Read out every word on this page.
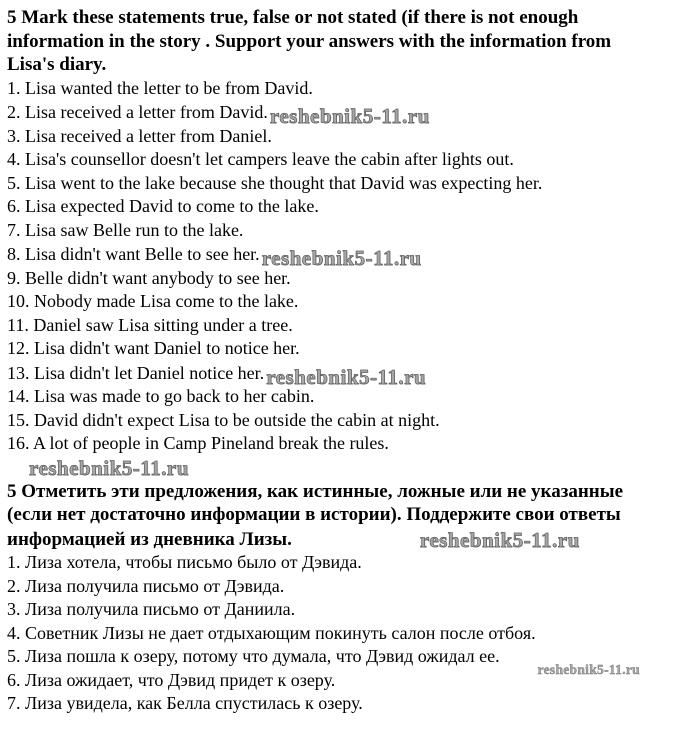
5 Mark these statements true, false or not stated (if there is not enough
information in the story . Support your answers with the information from
Lisa's diary.
1. Lisa wanted the letter to be from David.
2. Lisa received a letter from David.reshebnik5-11.ru
3. Lisa received a letter from Daniel.
4. Lisa's counsellor doesn't let campers leave the cabin after lights out.
5. Lisa went to the lake because she thought that David was expecting her.
6. Lisa expected David to come to the lake.
7. Lisa saw Belle run to the lake.
8. Lisa didn't want Belle to see her.reshebnik5-11.ru
9. Belle didn't want anybody to see her.
10. Nobody made Lisa come to the lake.
11. Daniel saw Lisa sitting under a tree.
12. Lisa didn't want Daniel to notice her.
13. Lisa didn't let Daniel notice her.reshebnik5-11.ru
14. Lisa was made to go back to her cabin.
15. David didn't expect Lisa to be outside the cabin at night.
16. A lot of people in Camp Pineland break the rules.
reshebnik5-11.ru
5 Отметить эти предложения, как истинные, ложные или не указанные
(если нет достаточно информации в истории). Поддержите свои ответы
информацией из дневника Лизы.	reshebnik5-11.ru
1. Лиза хотела, чтобы письмо было от Дэвида.
2. Лиза получила письмо от Дэвида.
3. Лиза получила письмо от Даниила.
4. Советник Лизы не дает отдыхающим покинуть салон после отбоя.
5. Лиза пошла к озеру, потому что думала, что Дэвид ожидал ее.
reshebnik5-11.ru
6. Лиза ожидает, что Дэвид придет к озеру.
7. Лиза увидела, как Белла спустилась к озеру.
